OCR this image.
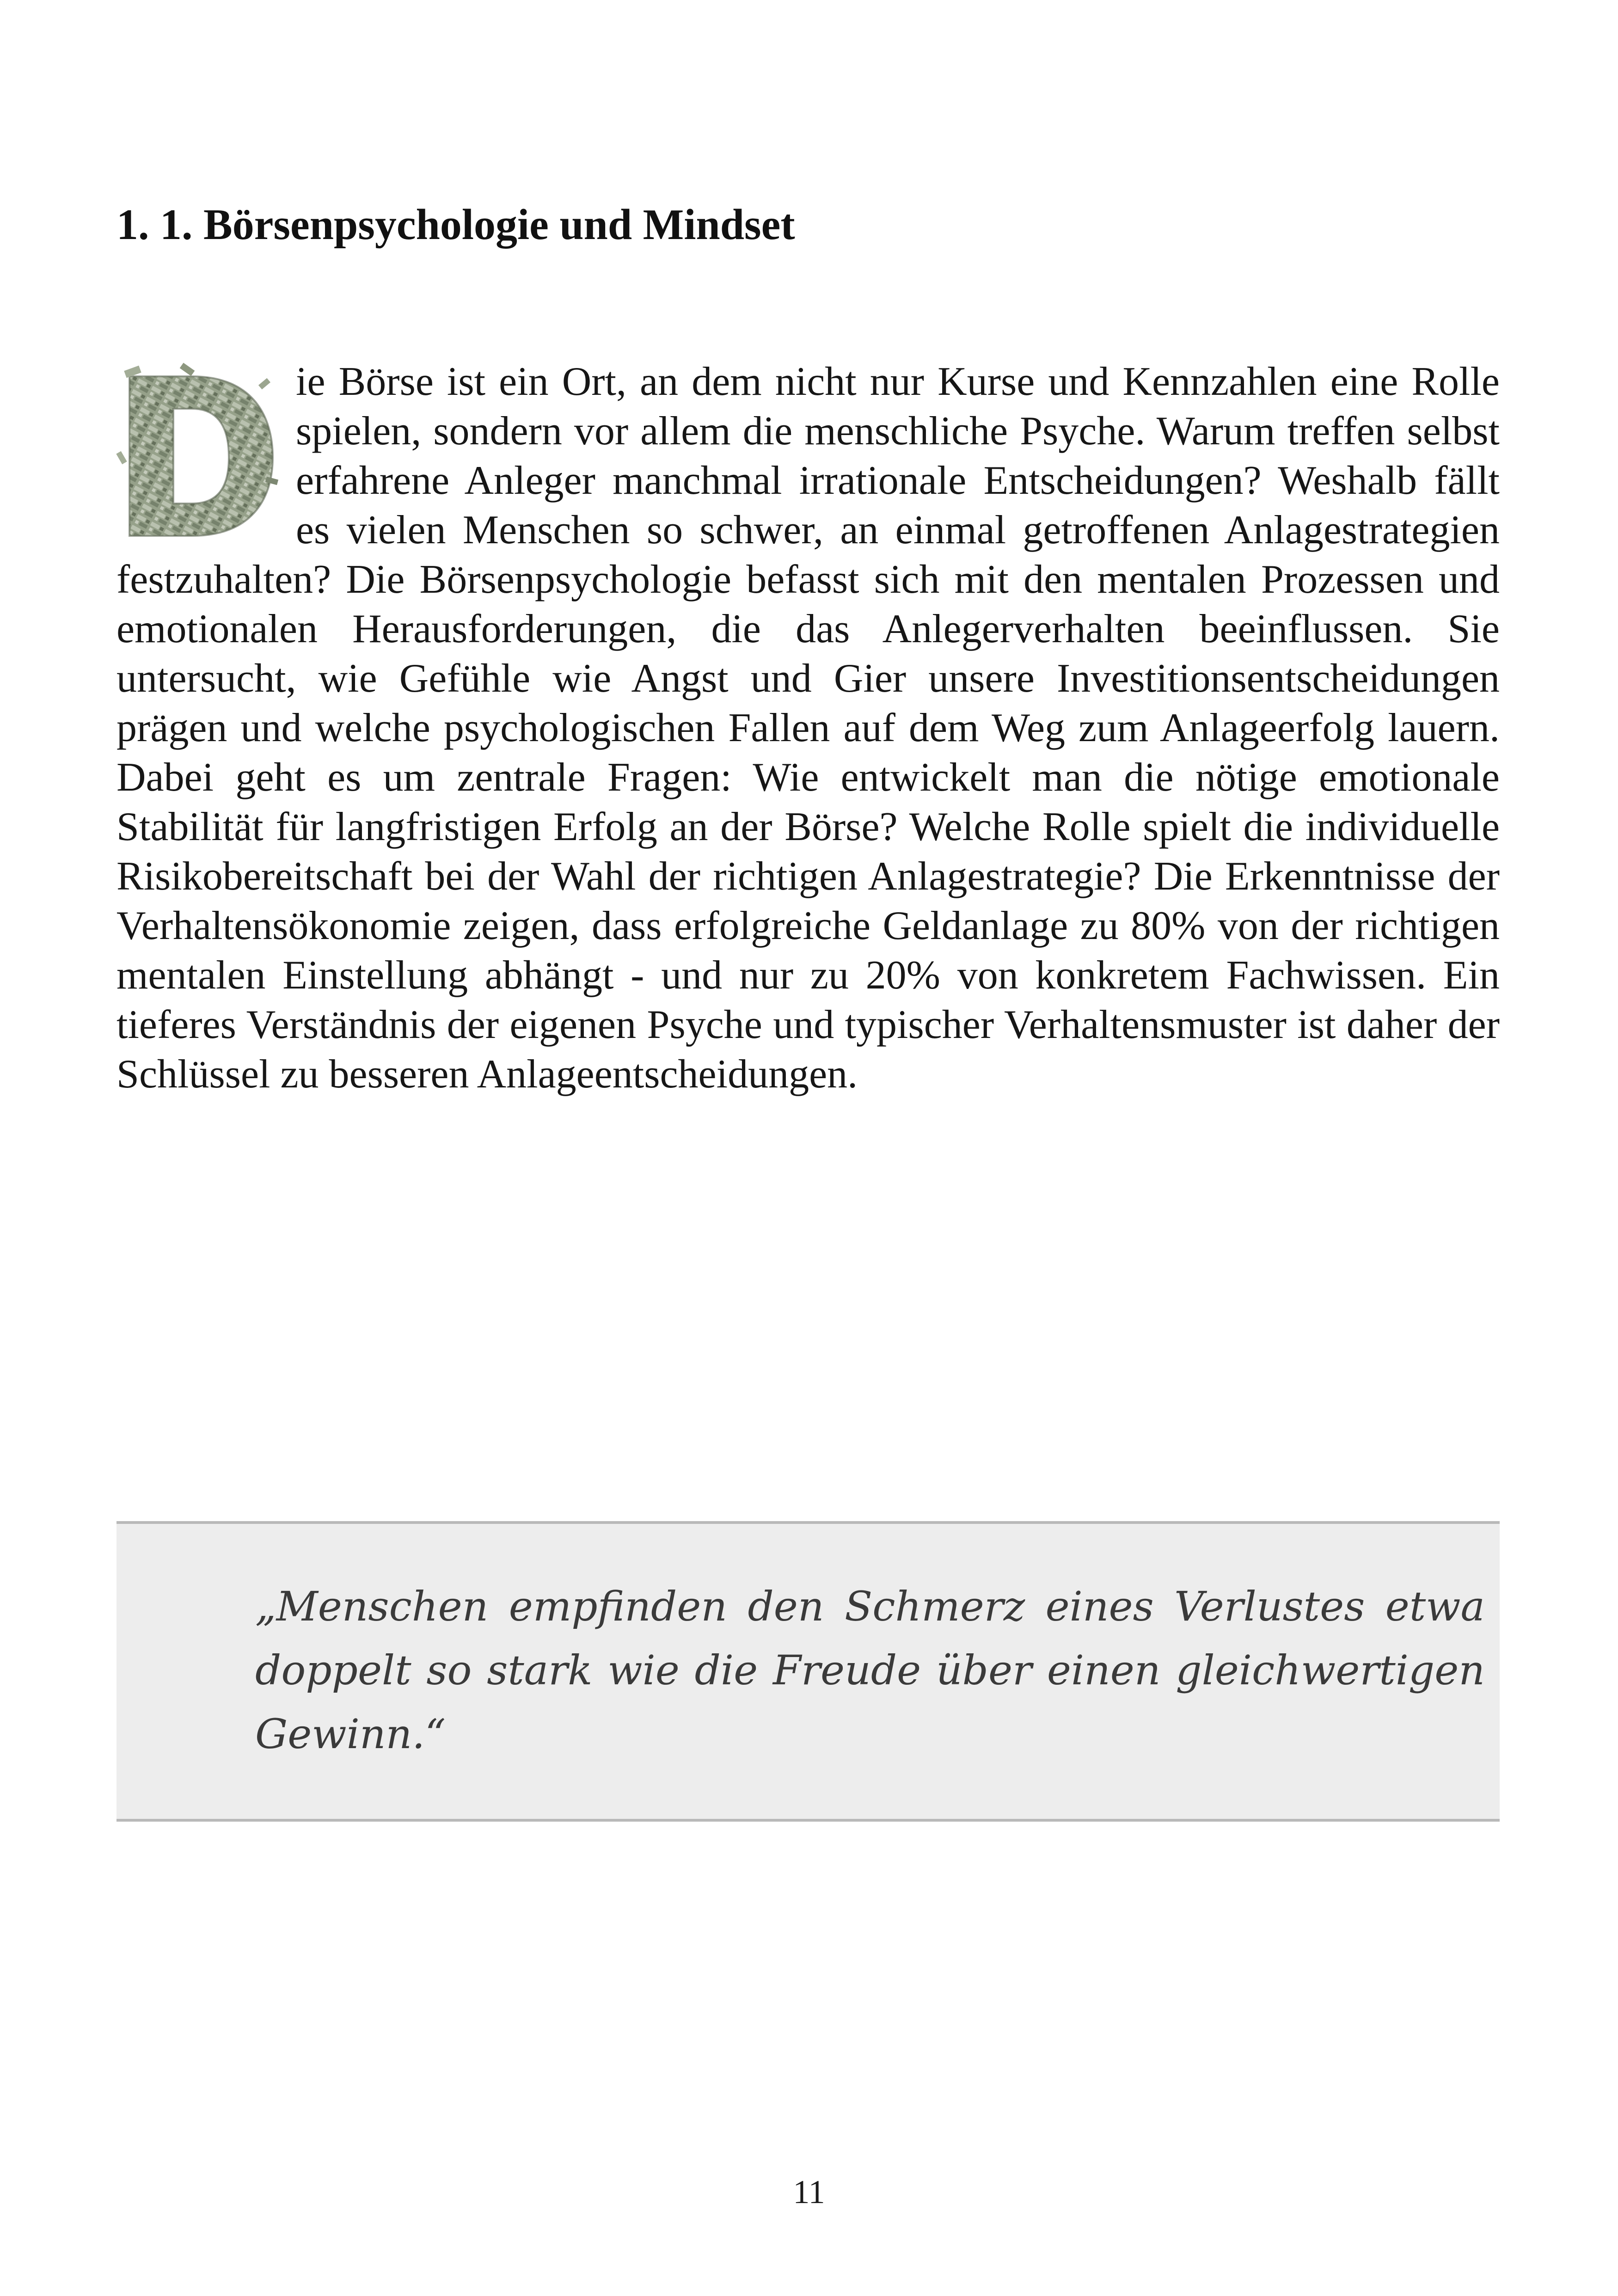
1. 1. Börsenpsychologie und Mindset

ie Börse ist ein Ort, an dem nicht nur Kurse und Kennzahlen eine Rolle spielen, sondern vor allem die menschliche Psyche. Warum treffen selbst erfahrene Anleger manchmal irrationale Entscheidungen? Weshalb fällt es vielen Menschen so schwer, an einmal getroffenen Anlagestrategien festzuhalten? Die Börsenpsychologie befasst sich mit den mentalen Prozessen und emotionalen Herausforderungen, die das Anlegerverhalten beeinflussen. Sie untersucht, wie Gefühle wie Angst und Gier unsere Investitionsentscheidungen prägen und welche psychologischen Fallen auf dem Weg zum Anlageerfolg lauern. Dabei geht es um zentrale Fragen: Wie entwickelt man die nötige emotionale Stabilität für langfristigen Erfolg an der Börse? Welche Rolle spielt die individuelle Risikobereitschaft bei der Wahl der richtigen Anlagestrategie? Die Erkenntnisse der Verhaltensökonomie zeigen, dass erfolgreiche Geldanlage zu 80% von der richtigen mentalen Einstellung abhängt - und nur zu 20% von konkretem Fachwissen. Ein tieferes Verständnis der eigenen Psyche und typischer Verhaltensmuster ist daher der Schlüssel zu besseren Anlageentscheidungen.

„Menschen empfinden den Schmerz eines Verlustes etwa doppelt so stark wie die Freude über einen gleichwertigen Gewinn.“

11
